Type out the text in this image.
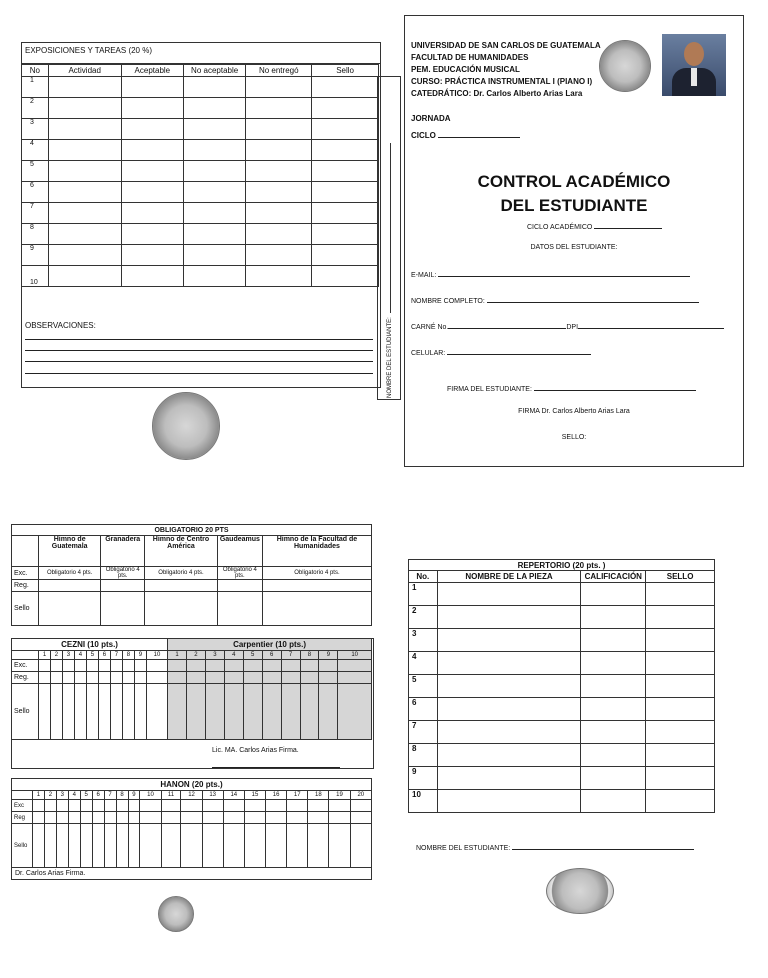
EXPOSICIONES Y TAREAS (20 %)
No	Actividad	Aceptable	No aceptable	No entregó	Sello
1					
2					
3					
4					
5					
6					
7					
8					
9					
10					
OBSERVACIONES:	NOMBRE DEL ESTUDIANTE:
UNIVERSIDAD DE SAN CARLOS DE GUATEMALA
FACULTAD DE HUMANIDADES
PEM. EDUCACIÓN MUSICAL
CURSO: PRÁCTICA INSTRUMENTAL I (PIANO I)
CATEDRÁTICO: Dr. Carlos Alberto Arias Lara
JORNADA
CICLO
CONTROL ACADÉMICO
DEL ESTUDIANTE
CICLO ACADÉMICO
DATOS DEL ESTUDIANTE:
E-MAIL:
NOMBRE COMPLETO:
CARNÉ No.	DPI
CELULAR:
FIRMA DEL ESTUDIANTE:
FIRMA Dr. Carlos Alberto Arias Lara
SELLO:
OBLIGATORIO 20 PTS					
	Himno de Guatemala	Granadera	Himno de Centro América	Gaudeamus	Himno de la Facultad de Humanidades
Exc.	Obligatorio 4 pts.	Obligatorio 4 pts.	Obligatorio 4 pts.	Obligatorio 4 pts.	Obligatorio 4 pts.
Reg.					
Sello					
CEZNI (10 pts.)											Carpentier (10 pts.)									
	1	2	3	4	5	6	7	8	9	10	1	2	3	4	5	6	7	8	9	10
Exc.																				
Reg.																				
Sello																				
Lic. MA. Carlos Arias Firma.
HANON (20 pts.)																				
	1	2	3	4	5	6	7	8	9	10	11	12	13	14	15	16	17	18	19	20
Exc																				
Reg																				
Sello																				
Dr. Carlos Arias Firma.																				
REPERTORIO (20 pts. )			
No.	NOMBRE DE LA PIEZA	CALIFICACIÓN	SELLO
1			
2			
3			
4			
5			
6			
7			
8			
9			
10			
NOMBRE DEL ESTUDIANTE:
